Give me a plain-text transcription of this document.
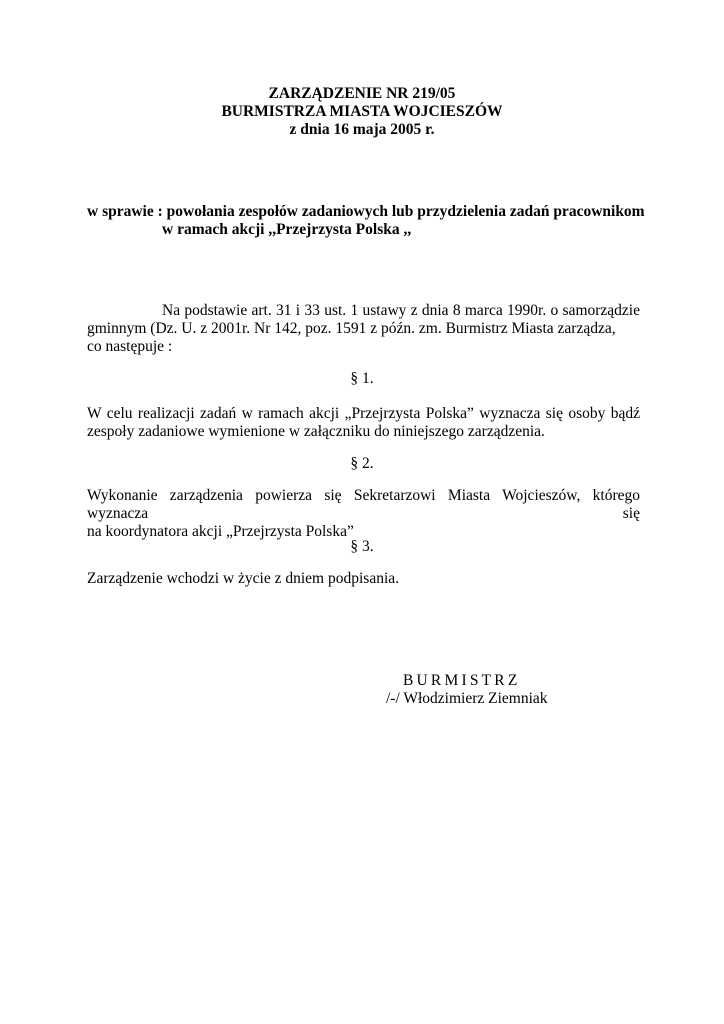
ZARZĄDZENIE NR 219/05
BURMISTRZA MIASTA WOJCIESZÓW
z dnia 16 maja 2005 r.
w sprawie : powołania zespołów zadaniowych lub przydzielenia zadań pracownikom
w ramach akcji ,,Przejrzysta Polska ,,
Na podstawie art. 31 i 33 ust. 1 ustawy z dnia 8 marca 1990r. o samorządzie
gminnym (Dz. U. z 2001r. Nr 142, poz. 1591 z późn. zm. Burmistrz Miasta zarządza,
co następuje :
§ 1.
W celu realizacji zadań w ramach akcji „Przejrzysta Polska” wyznacza się osoby bądź
zespoły zadaniowe wymienione w załączniku do niniejszego zarządzenia.
§ 2.
Wykonanie zarządzenia powierza się Sekretarzowi Miasta Wojcieszów, którego wyznacza się
na koordynatora akcji „Przejrzysta Polska”
§ 3.
Zarządzenie wchodzi w życie z dniem podpisania.
BURMISTRZ
/-/ Włodzimierz Ziemniak
